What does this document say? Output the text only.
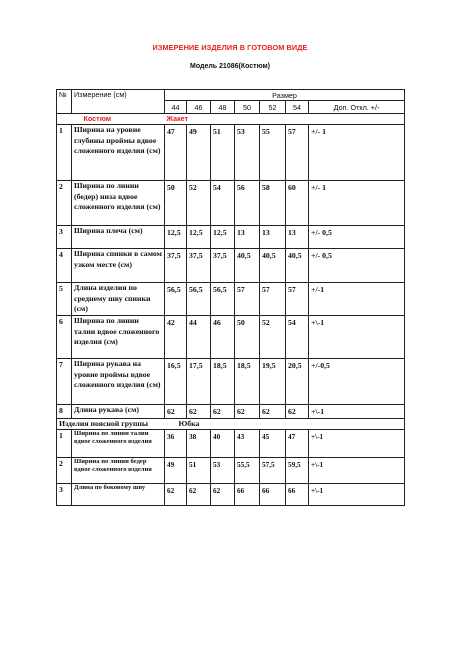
ИЗМЕРЕНИЕ ИЗДЕЛИЯ В ГОТОВОМ ВИДЕ
Модель 21086(Костюм)
№	Измерение (см)	Размер						
		44	46	48	50	52	54	Доп. Откл. +/-
	Костюм	Жакет						
1	Ширина на уровне глубины проймы вдвое сложенного изделия (см)	47	49	51	53	55	57	+/- 1
2	Ширина по линии (бедер) низа вдвое сложенного изделия (см)	50	52	54	56	58	60	+/- 1
3	Ширина плеча (см)	12,5	12,5	12,5	13	13	13	+/- 0,5
4	Ширина спинки в самом узком месте (см)	37,5	37,5	37,5	40,5	40,5	40,5	+/- 0,5
5	Длина изделия по среднему шву спинки (см)	56,5	56,5	56,5	57	57	57	+/-1
6	Ширина по линии талии вдвое сложенного изделия (см)	42	44	46	50	52	54	+\-1
7	Ширина рукава на уровне проймы вдвое сложенного изделия (см)	16,5	17,5	18,5	18,5	19,5	20,5	+/-0,5
8	Длина рукава (см)	62	62	62	62	62	62	+\-1
Изделия поясной группы		Юбка						
1	Ширина по линии талии вдвое сложенного изделия	36	38	40	43	45	47	+\-1
2	Ширина по линии бедер вдвое сложенного изделия	49	51	53	55,5	57,5	59,5	+\-1
3	Длина по боковому шву	62	62	62	66	66	66	+\-1
